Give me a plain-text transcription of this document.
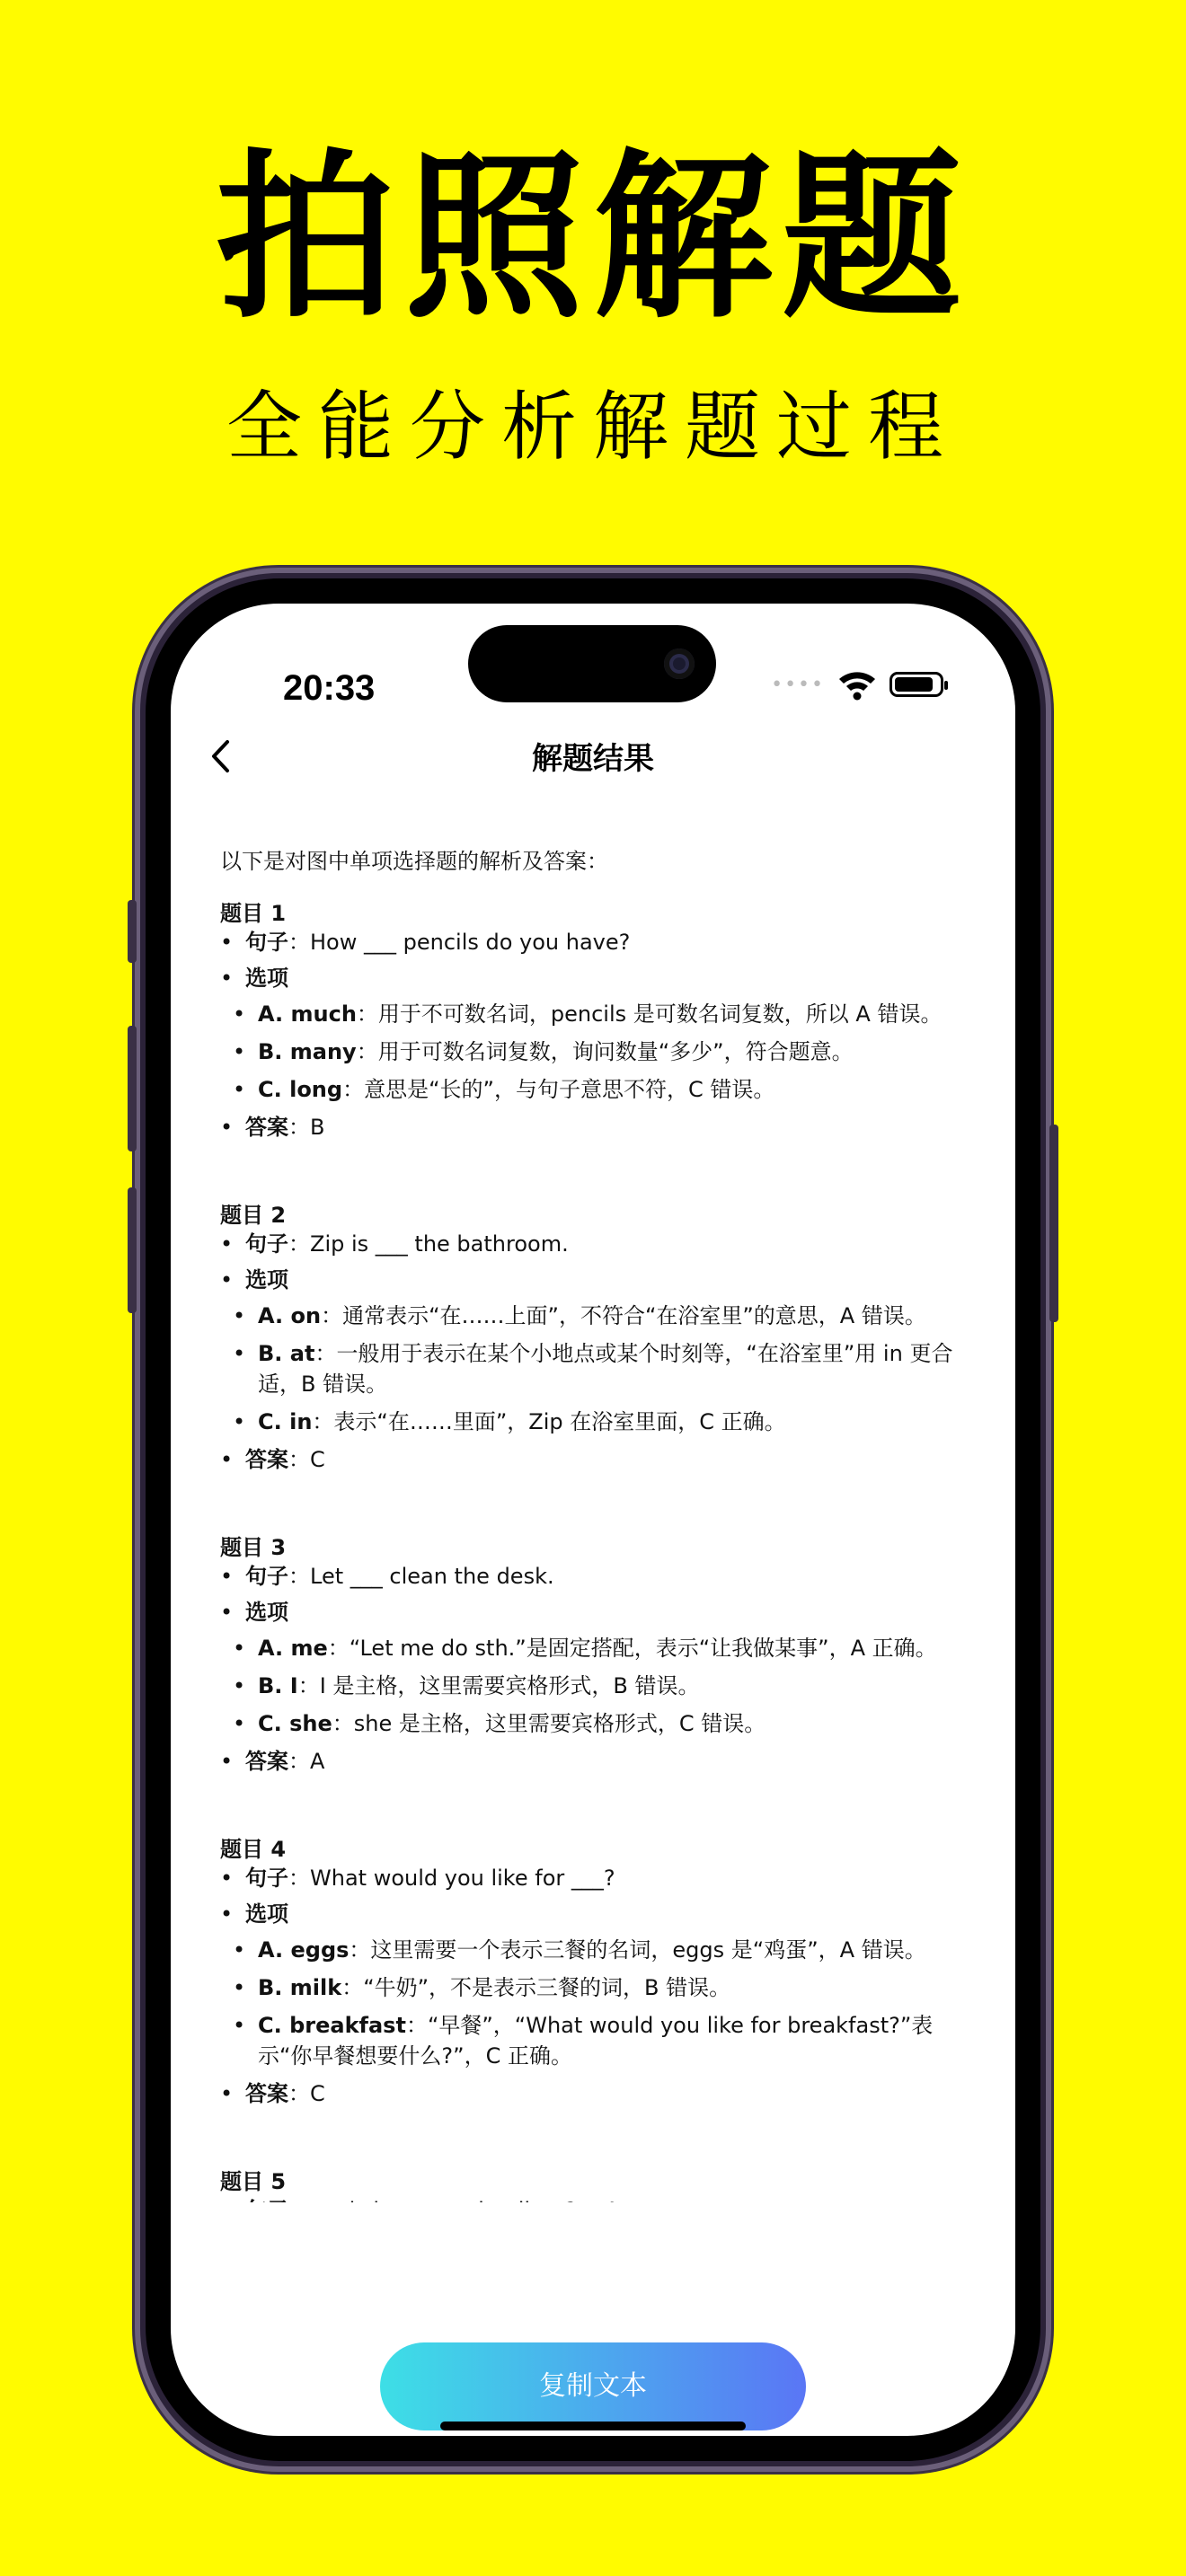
拍照解题
全能分析解题过程
20:33	••••
解题结果
以下是对图中单项选择题的解析及答案：
题目 1
• 句子：How ___ pencils do you have?
• 选项
• A. much：用于不可数名词，pencils 是可数名词复数，所以 A 错误。
• B. many：用于可数名词复数，询问数量“多少”，符合题意。
• C. long：意思是“长的”，与句子意思不符，C 错误。
• 答案：B
题目 2
• 句子：Zip is ___ the bathroom.
• 选项
• A. on：通常表示“在……上面”，不符合“在浴室里”的意思，A 错误。
• B. at：一般用于表示在某个小地点或某个时刻等，“在浴室里”用 in 更合适，B 错误。
• C. in：表示“在……里面”，Zip 在浴室里面，C 正确。
• 答案：C
题目 3
• 句子：Let ___ clean the desk.
• 选项
• A. me：“Let me do sth.”是固定搭配，表示“让我做某事”，A 正确。
• B. I：I 是主格，这里需要宾格形式，B 错误。
• C. she：she 是主格，这里需要宾格形式，C 错误。
• 答案：A
题目 4
• 句子：What would you like for ___?
• 选项
• A. eggs：这里需要一个表示三餐的名词，eggs 是“鸡蛋”，A 错误。
• B. milk：“牛奶”，不是表示三餐的词，B 错误。
• C. breakfast：“早餐”，“What would you like for breakfast?”表示“你早餐想要什么?”，C 正确。
• 答案：C
题目 5
复制文本
